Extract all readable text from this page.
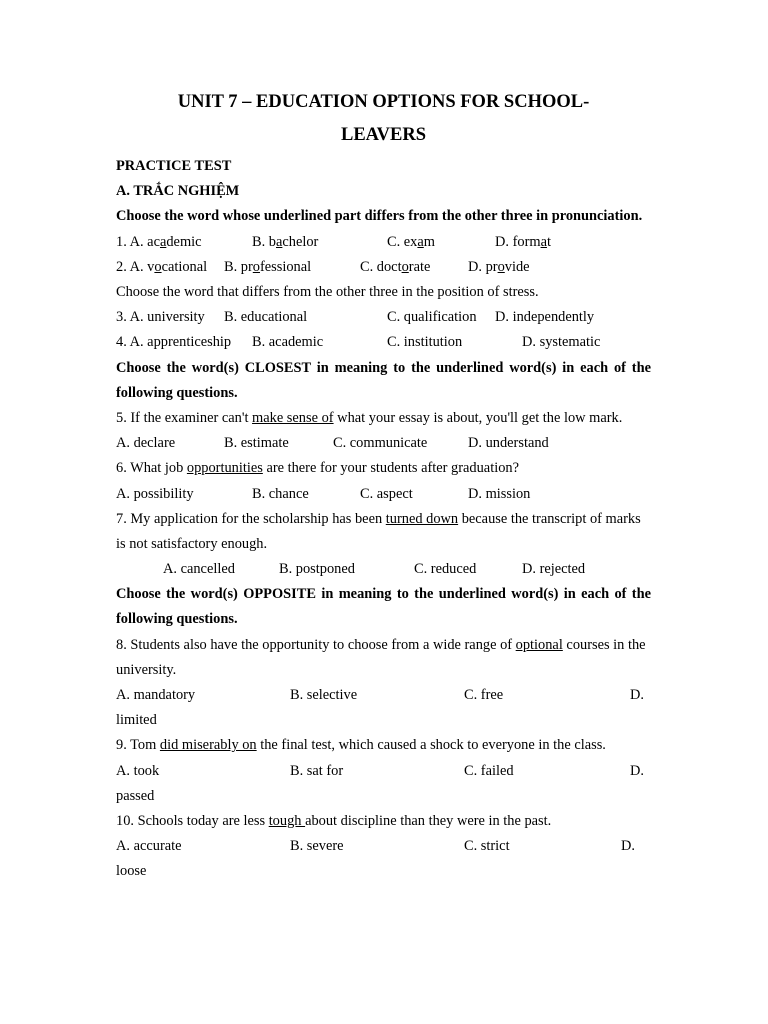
UNIT 7 – EDUCATION OPTIONS FOR SCHOOL-
LEAVERS
PRACTICE TEST
A. TRẮC NGHIỆM
Choose the word whose underlined part differs from the other three in pronunciation.
1. A. academic	B. bachelor	C. exam	D. format
2. A. vocational B. professional	C. doctorate	D. provide
Choose the word that differs from the other three in the position of stress.
3. A. university B. educational	C. qualification D. independently
4. A. apprenticeship B. academic	C. institution	D. systematic
Choose the word(s) CLOSEST in meaning to the underlined word(s) in each of the following questions.
5. If the examiner can't make sense of what your essay is about, you'll get the low mark.
A. declare	B. estimate	C. communicate	D. understand
6. What job opportunities are there for your students after graduation?
A. possibility	B. chance	C. aspect	D. mission
7. My application for the scholarship has been turned down because the transcript of marks is not satisfactory enough.
A. cancelled	B. postponed	C. reduced	D. rejected
Choose the word(s) OPPOSITE in meaning to the underlined word(s) in each of the following questions.
8. Students also have the opportunity to choose from a wide range of optional courses in the university.
A. mandatory	B. selective	C. free	D.
limited
9. Tom did miserably on the final test, which caused a shock to everyone in the class.
A. took	B. sat for	C. failed	D.
passed
10. Schools today are less tough about discipline than they were in the past.
A. accurate	B. severe	C. strict	D.
loose
